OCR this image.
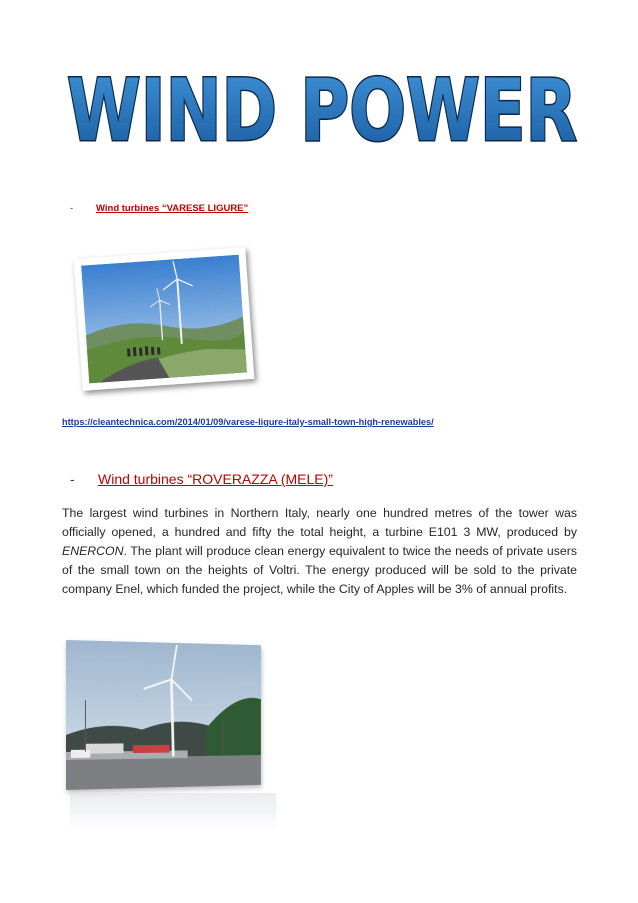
WIND POWER
- Wind turbines “VARESE LIGURE”
https://cleantechnica.com/2014/01/09/varese-ligure-italy-small-town-high-renewables/
- Wind turbines “ROVERAZZA (MELE)”
The largest wind turbines in Northern Italy, nearly one hundred metres of the tower was officially opened, a hundred and fifty the total height, a turbine E101 3 MW, produced by ENERCON. The plant will produce clean energy equivalent to twice the needs of private users of the small town on the heights of Voltri. The energy produced will be sold to the private company Enel, which funded the project, while the City of Apples will be 3% of annual profits.
